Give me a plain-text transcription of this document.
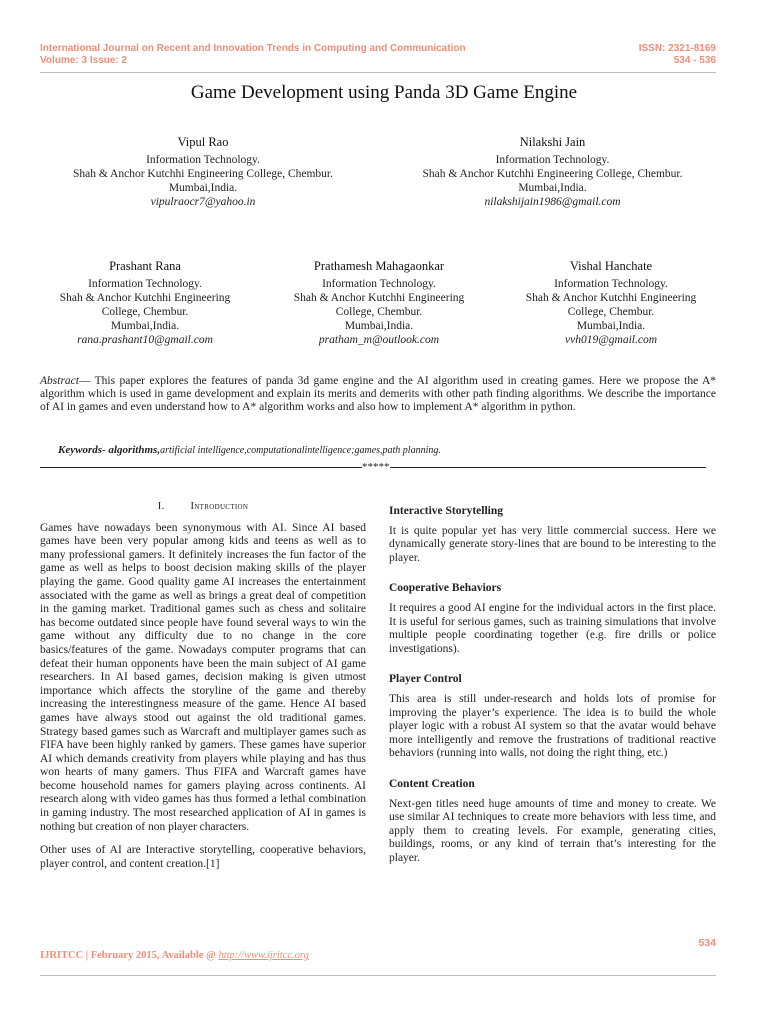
International Journal on Recent and Innovation Trends in Computing and Communication
Volume: 3 Issue: 2
ISSN: 2321-8169
534 - 536
Game Development using Panda 3D Game Engine
Vipul Rao
Information Technology.
Shah & Anchor Kutchhi Engineering College, Chembur.
Mumbai,India.
vipulraocr7@yahoo.in
Nilakshi Jain
Information Technology.
Shah & Anchor Kutchhi Engineering College, Chembur.
Mumbai,India.
nilakshijain1986@gmail.com
Prashant Rana
Information Technology.
Shah & Anchor Kutchhi Engineering
College, Chembur.
Mumbai,India.
rana.prashant10@gmail.com
Prathamesh Mahagaonkar
Information Technology.
Shah & Anchor Kutchhi Engineering
College, Chembur.
Mumbai,India.
pratham_m@outlook.com
Vishal Hanchate
Information Technology.
Shah & Anchor Kutchhi Engineering
College, Chembur.
Mumbai,India.
vvh019@gmail.com
Abstract— This paper explores the features of panda 3d game engine and the AI algorithm used in creating games. Here we propose the A* algorithm which is used in game development and explain its merits and demerits with other path finding algorithms. We describe the importance of AI in games and even understand how to A* algorithm works and also how to implement A* algorithm in python.
Keywords- algorithms,artificial intelligence,computationalintelligence;games,path planning.
*****
I. Introduction

Games have nowadays been synonymous with AI. Since AI based games have been very popular among kids and teens as well as to many professional gamers. It definitely increases the fun factor of the game as well as helps to boost decision making skills of the player playing the game. Good quality game AI increases the entertainment associated with the game as well as brings a great deal of competition in the gaming market. Traditional games such as chess and solitaire has become outdated since people have found several ways to win the game without any difficulty due to no change in the core basics/features of the game. Nowadays computer programs that can defeat their human opponents have been the main subject of AI game researchers. In AI based games, decision making is given utmost importance which affects the storyline of the game and thereby increasing the interestingness measure of the game. Hence AI based games have always stood out against the old traditional games. Strategy based games such as Warcraft and multiplayer games such as FIFA have been highly ranked by gamers. These games have superior AI which demands creativity from players while playing and has thus won hearts of many gamers. Thus FIFA and Warcraft games have become household names for gamers playing across continents. AI research along with video games has thus formed a lethal combination in gaming industry. The most researched application of AI in games is nothing but creation of non player characters.

Other uses of AI are Interactive storytelling, cooperative behaviors, player control, and content creation.[1]

Interactive Storytelling

It is quite popular yet has very little commercial success. Here we dynamically generate story-lines that are bound to be interesting to the player.

Cooperative Behaviors

It requires a good AI engine for the individual actors in the first place. It is useful for serious games, such as training simulations that involve multiple people coordinating together (e.g. fire drills or police investigations).

Player Control

This area is still under-research and holds lots of promise for improving the player’s experience. The idea is to build the whole player logic with a robust AI system so that the avatar would behave more intelligently and remove the frustrations of traditional reactive behaviors (running into walls, not doing the right thing, etc.)

Content Creation

Next-gen titles need huge amounts of time and money to create. We use similar AI techniques to create more behaviors with less time, and apply them to creating levels. For example, generating cities, buildings, rooms, or any kind of terrain that’s interesting for the player.

534
IJRITCC | February 2015, Available @ http://www.ijritcc.org
